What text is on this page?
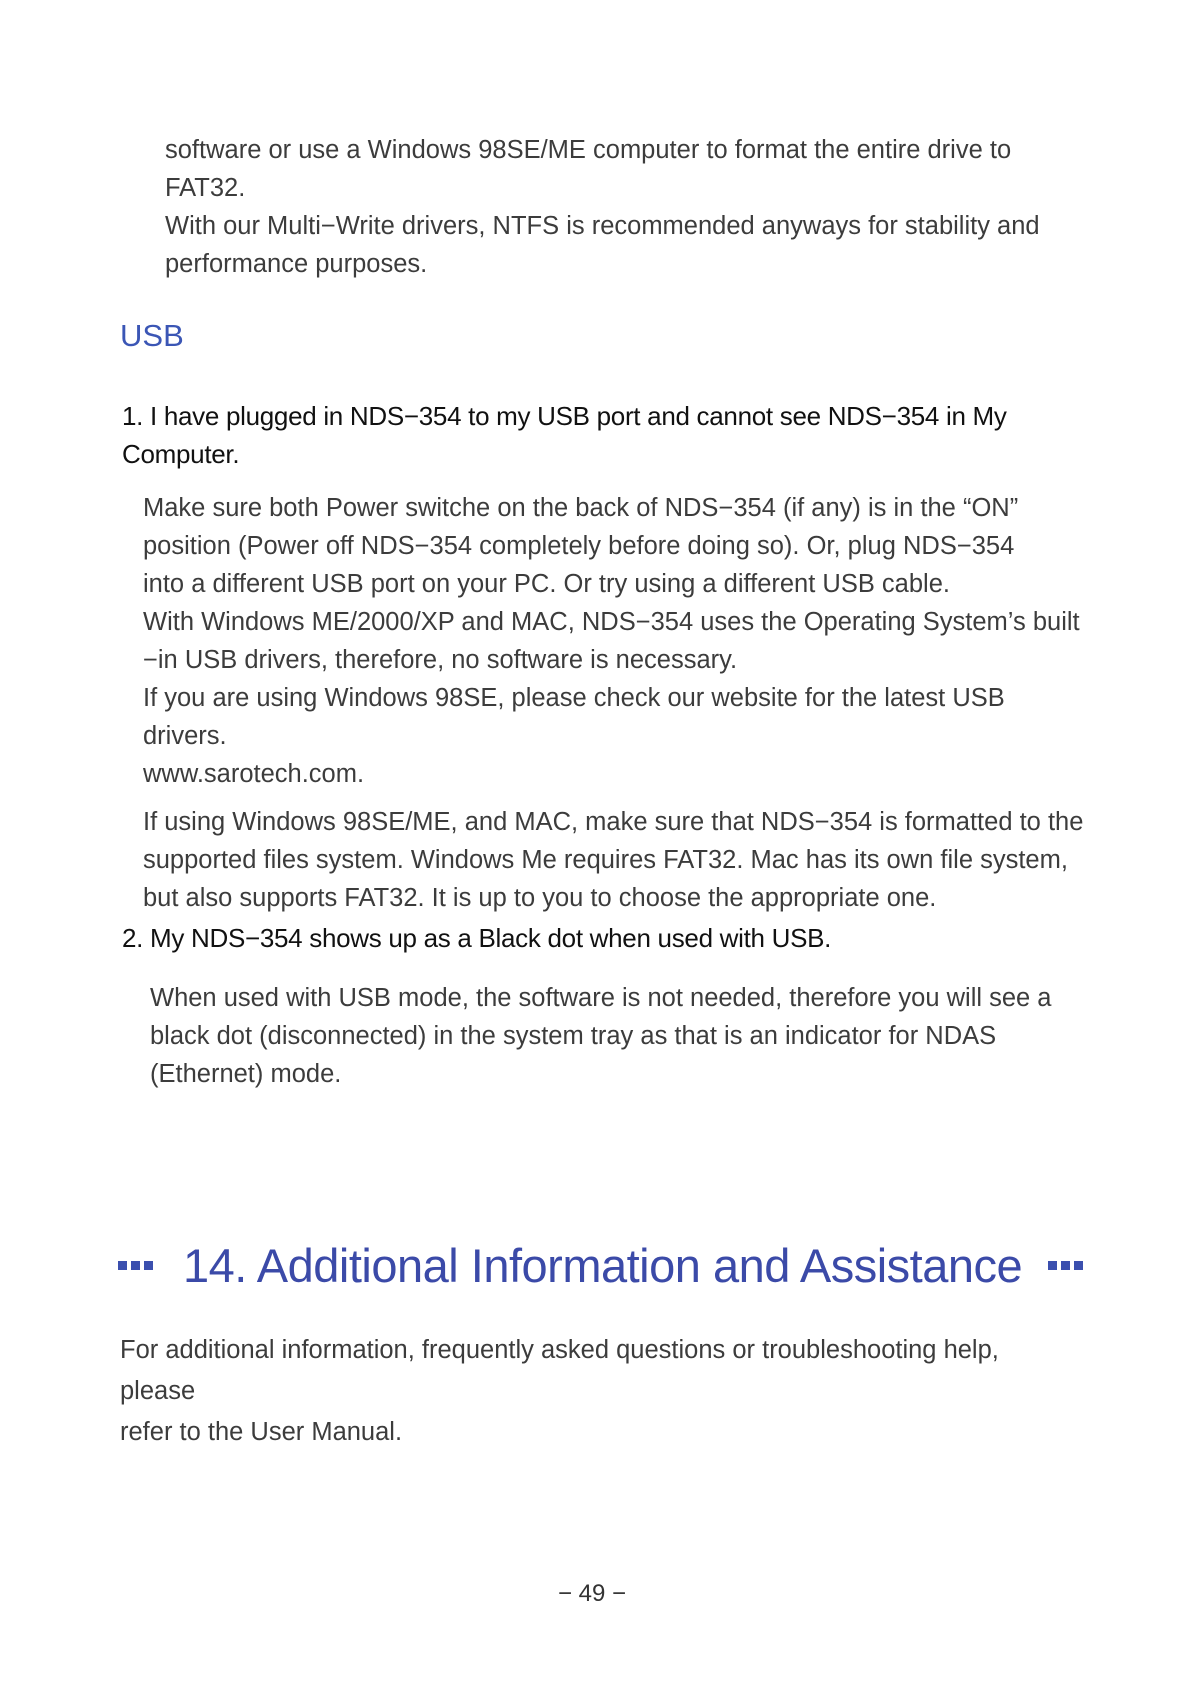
software or use a Windows 98SE/ME computer to format the entire drive to FAT32.
With our Multi−Write drivers, NTFS is recommended anyways for stability and
performance purposes.

USB

1. I have plugged in NDS−354 to my USB port and cannot see NDS−354 in My
Computer.

Make sure both Power switche on the back of NDS−354 (if any) is in the “ON”
position (Power off NDS−354 completely before doing so). Or, plug NDS−354
into a different USB port on your PC. Or try using a different USB cable.
With Windows ME/2000/XP and MAC, NDS−354 uses the Operating System’s built
−in USB drivers, therefore, no software is necessary.
If you are using Windows 98SE, please check our website for the latest USB drivers.
www.sarotech.com.

If using Windows 98SE/ME, and MAC, make sure that NDS−354 is formatted to the
supported files system. Windows Me requires FAT32. Mac has its own file system,
but also supports FAT32. It is up to you to choose the appropriate one.

2. My NDS−354 shows up as a Black dot when used with USB.

When used with USB mode, the software is not needed, therefore you will see a
black dot (disconnected) in the system tray as that is an indicator for NDAS
(Ethernet) mode.

14. Additional Information and Assistance

For additional information, frequently asked questions or troubleshooting help, please
refer to the User Manual.

− 49 −
